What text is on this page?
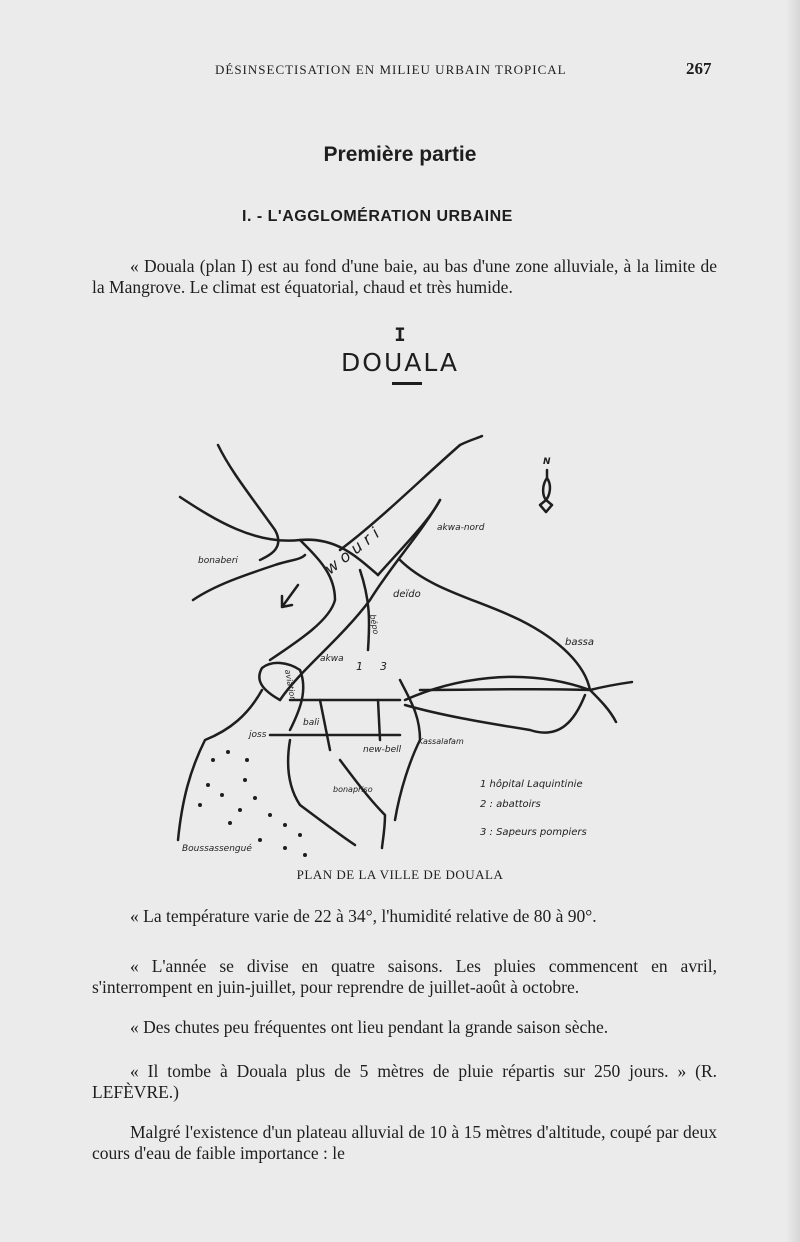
DÉSINSECTISATION EN MILIEU URBAIN TROPICAL	267
Première partie
I. - L'AGGLOMÉRATION URBAINE

« Douala (plan I) est au fond d'une baie, au bas d'une zone alluviale, à la limite de la Mangrove. Le climat est équatorial, chaud et très humide.

I
DOUALA
bonaberi
akwa-nord
deïdo
bassa
akwa
bali
joss
new-bell
Kassalafam
bonapriso
Boussassengué
aviation
bépo
1 3
wouri
N
1 hôpital Laquintinie
2 : abattoirs
3 : Sapeurs pompiers
PLAN DE LA VILLE DE DOUALA

« La température varie de 22 à 34°, l'humidité relative de 80 à 90°.

« L'année se divise en quatre saisons. Les pluies commencent en avril, s'interrompent en juin-juillet, pour reprendre de juillet-août à octobre.

« Des chutes peu fréquentes ont lieu pendant la grande saison sèche.

« Il tombe à Douala plus de 5 mètres de pluie répartis sur 250 jours. » (R. LEFÈVRE.)

Malgré l'existence d'un plateau alluvial de 10 à 15 mètres d'altitude, coupé par deux cours d'eau de faible importance : le
